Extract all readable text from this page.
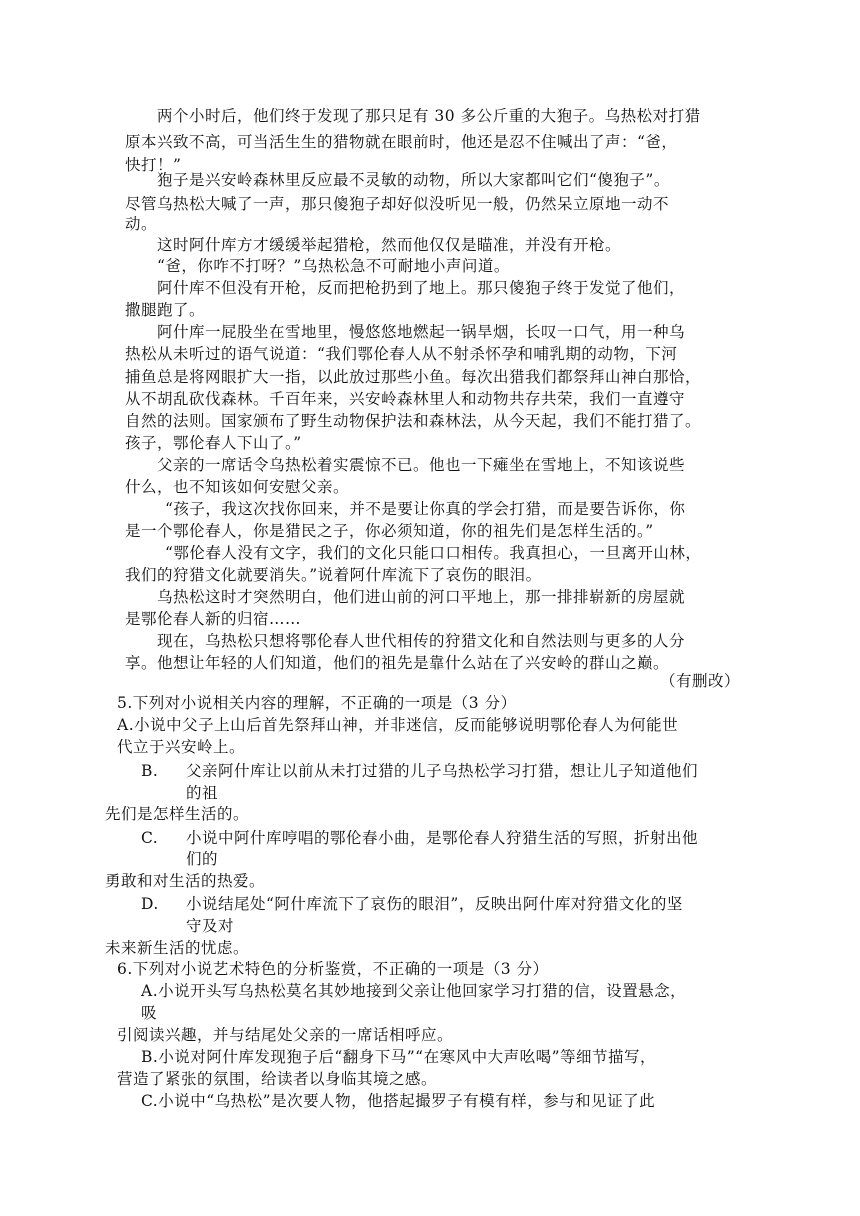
两个小时后，他们终于发现了那只足有 30 多公斤重的大狍子。乌热松对打猎
原本兴致不高，可当活生生的猎物就在眼前时，他还是忍不住喊出了声：“爸，
快打！”
狍子是兴安岭森林里反应最不灵敏的动物，所以大家都叫它们“傻狍子”。
尽管乌热松大喊了一声，那只傻狍子却好似没听见一般，仍然呆立原地一动不
动。
这时阿什库方才缓缓举起猎枪，然而他仅仅是瞄准，并没有开枪。
“爸，你咋不打呀？”乌热松急不可耐地小声问道。
阿什库不但没有开枪，反而把枪扔到了地上。那只傻狍子终于发觉了他们，
撒腿跑了。
阿什库一屁股坐在雪地里，慢悠悠地燃起一锅旱烟，长叹一口气，用一种乌
热松从未听过的语气说道：“我们鄂伦春人从不射杀怀孕和哺乳期的动物，下河
捕鱼总是将网眼扩大一指，以此放过那些小鱼。每次出猎我们都祭拜山神白那恰，
从不胡乱砍伐森林。千百年来，兴安岭森林里人和动物共存共荣，我们一直遵守
自然的法则。国家颁布了野生动物保护法和森林法，从今天起，我们不能打猎了。
孩子，鄂伦春人下山了。”
父亲的一席话令乌热松着实震惊不已。他也一下瘫坐在雪地上，不知该说些
什么，也不知该如何安慰父亲。
“孩子，我这次找你回来，并不是要让你真的学会打猎，而是要告诉你，你
是一个鄂伦春人，你是猎民之子，你必须知道，你的祖先们是怎样生活的。”
“鄂伦春人没有文字，我们的文化只能口口相传。我真担心，一旦离开山林，
我们的狩猎文化就要消失。”说着阿什库流下了哀伤的眼泪。
乌热松这时才突然明白，他们进山前的河口平地上，那一排排崭新的房屋就
是鄂伦春人新的归宿……
现在，乌热松只想将鄂伦春人世代相传的狩猎文化和自然法则与更多的人分
享。他想让年轻的人们知道，他们的祖先是靠什么站在了兴安岭的群山之巅。
（有删改）
5.下列对小说相关内容的理解，不正确的一项是（3 分）
A.小说中父子上山后首先祭拜山神，并非迷信，反而能够说明鄂伦春人为何能世
代立于兴安岭上。
B. 父亲阿什库让以前从未打过猎的儿子乌热松学习打猎，想让儿子知道他们
的祖
先们是怎样生活的。
C. 小说中阿什库哼唱的鄂伦春小曲，是鄂伦春人狩猎生活的写照，折射出他
们的
勇敢和对生活的热爱。
D. 小说结尾处“阿什库流下了哀伤的眼泪”，反映出阿什库对狩猎文化的坚
守及对
未来新生活的忧虑。
6.下列对小说艺术特色的分析鉴赏，不正确的一项是（3 分）
A.小说开头写乌热松莫名其妙地接到父亲让他回家学习打猎的信，设置悬念，
吸
引阅读兴趣，并与结尾处父亲的一席话相呼应。
B.小说对阿什库发现狍子后“翻身下马”“在寒风中大声吆喝”等细节描写，
营造了紧张的氛围，给读者以身临其境之感。
C.小说中“乌热松”是次要人物，他搭起撮罗子有模有样，参与和见证了此
